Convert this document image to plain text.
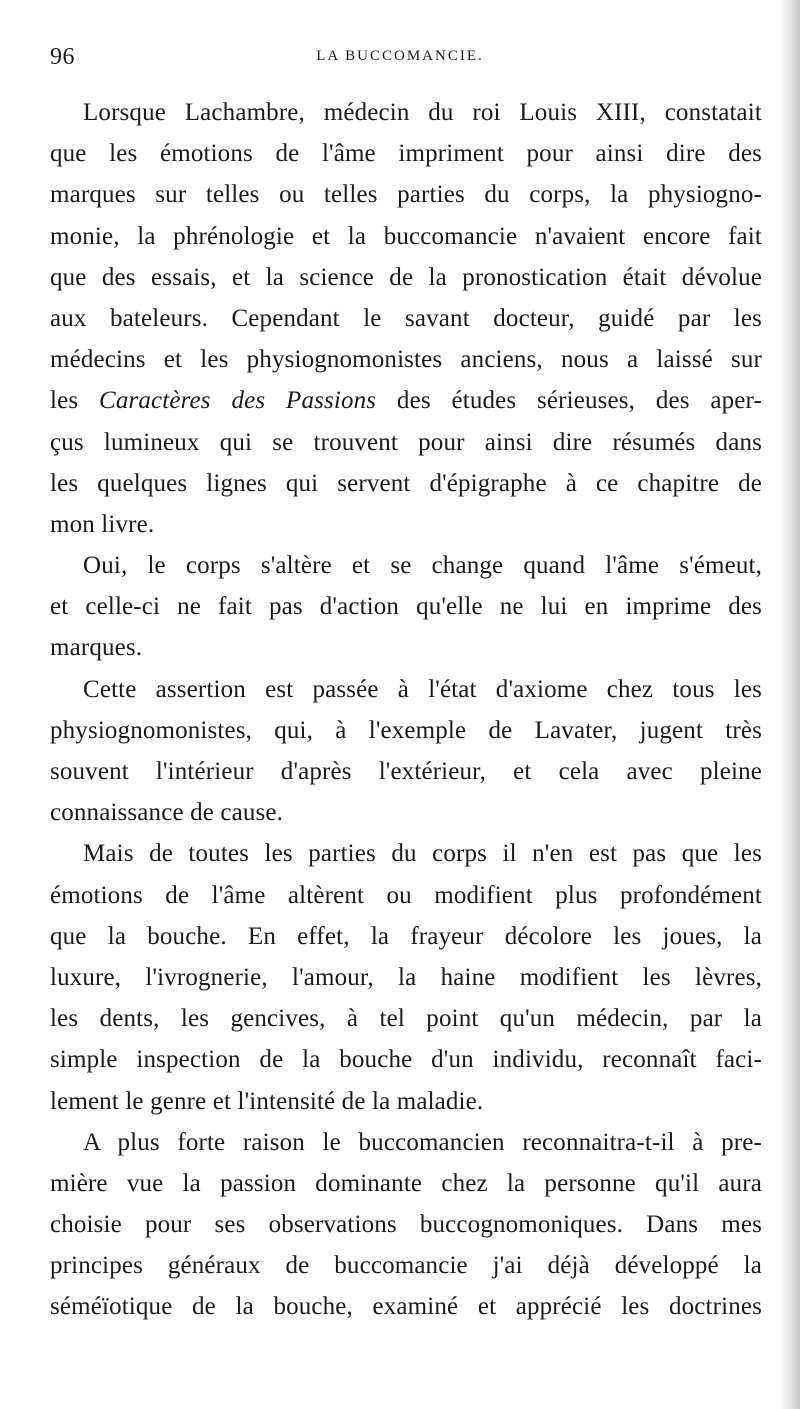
96	LA BUCCOMANCIE.
Lorsque Lachambre, médecin du roi Louis XIII, constatait
que les émotions de l'âme impriment pour ainsi dire des
marques sur telles ou telles parties du corps, la physiogno-
monie, la phrénologie et la buccomancie n'avaient encore fait
que des essais, et la science de la pronostication était dévolue
aux bateleurs. Cependant le savant docteur, guidé par les
médecins et les physiognomonistes anciens, nous a laissé sur
les Caractères des Passions des études sérieuses, des aper-
çus lumineux qui se trouvent pour ainsi dire résumés dans
les quelques lignes qui servent d'épigraphe à ce chapitre de
mon livre.
Oui, le corps s'altère et se change quand l'âme s'émeut,
et celle-ci ne fait pas d'action qu'elle ne lui en imprime des
marques.
Cette assertion est passée à l'état d'axiome chez tous les
physiognomonistes, qui, à l'exemple de Lavater, jugent très
souvent l'intérieur d'après l'extérieur, et cela avec pleine
connaissance de cause.
Mais de toutes les parties du corps il n'en est pas que les
émotions de l'âme altèrent ou modifient plus profondément
que la bouche. En effet, la frayeur décolore les joues, la
luxure, l'ivrognerie, l'amour, la haine modifient les lèvres,
les dents, les gencives, à tel point qu'un médecin, par la
simple inspection de la bouche d'un individu, reconnaît faci-
lement le genre et l'intensité de la maladie.
A plus forte raison le buccomancien reconnaitra-t-il à pre-
mière vue la passion dominante chez la personne qu'il aura
choisie pour ses observations buccognomoniques. Dans mes
principes généraux de buccomancie j'ai déjà développé la
séméïotique de la bouche, examiné et apprécié les doctrines
